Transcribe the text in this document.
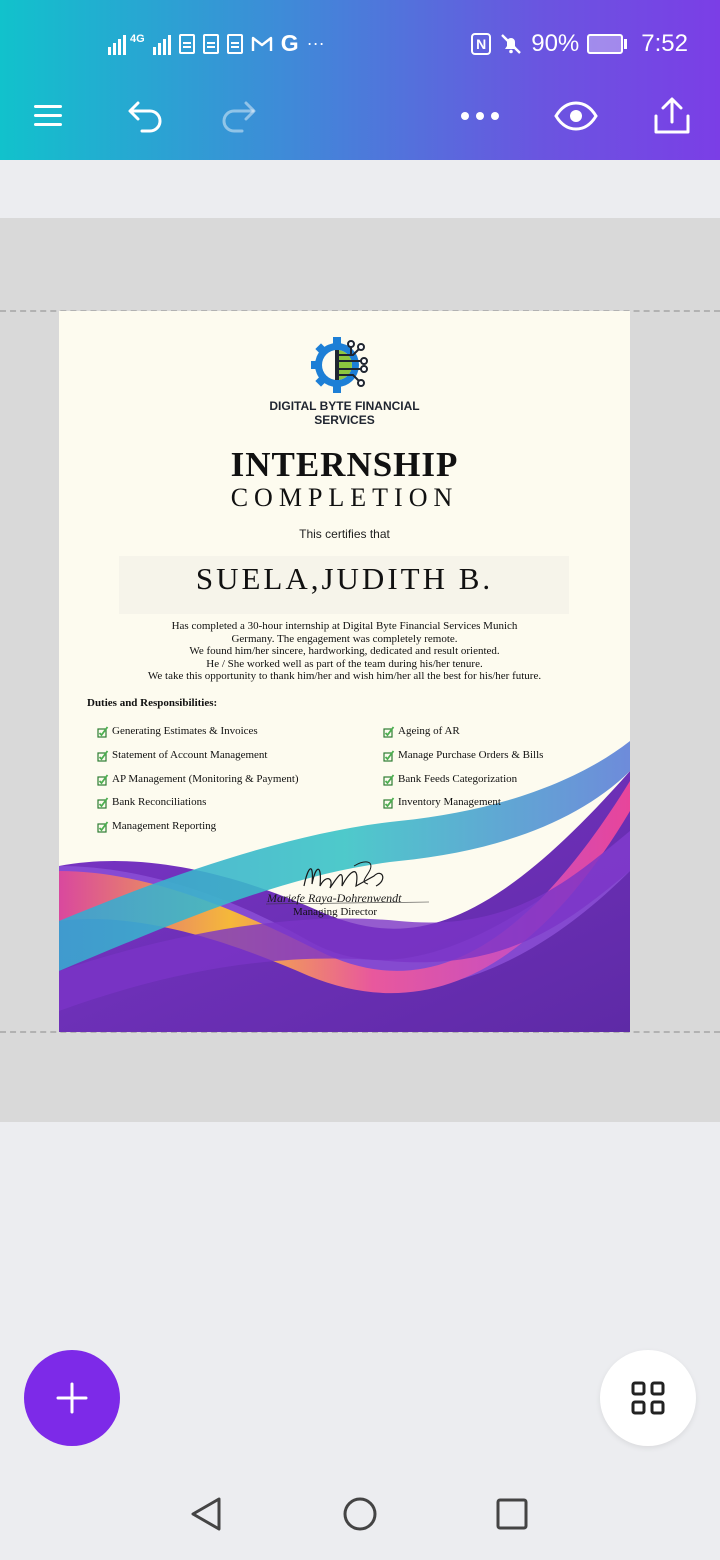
4G	G ···	N 90%	7:52
DIGITAL BYTE FINANCIAL
SERVICES
INTERNSHIP
COMPLETION
This certifies that
SUELA,JUDITH B.
Has completed a 30-hour internship at Digital Byte Financial Services Munich
Germany. The engagement was completely remote.
We found him/her sincere, hardworking, dedicated and result oriented.
He / She worked well as part of the team during his/her tenure.
We take this opportunity to thank him/her and wish him/her all the best for his/her future.
Duties and Responsibilities:
Generating Estimates & Invoices
Statement of Account Management
AP Management (Monitoring & Payment)
Bank Reconciliations
Management Reporting
Ageing of AR
Manage Purchase Orders & Bills
Bank Feeds Categorization
Inventory Management
Mariefe Raya-Dohrenwendt
Managing Director
